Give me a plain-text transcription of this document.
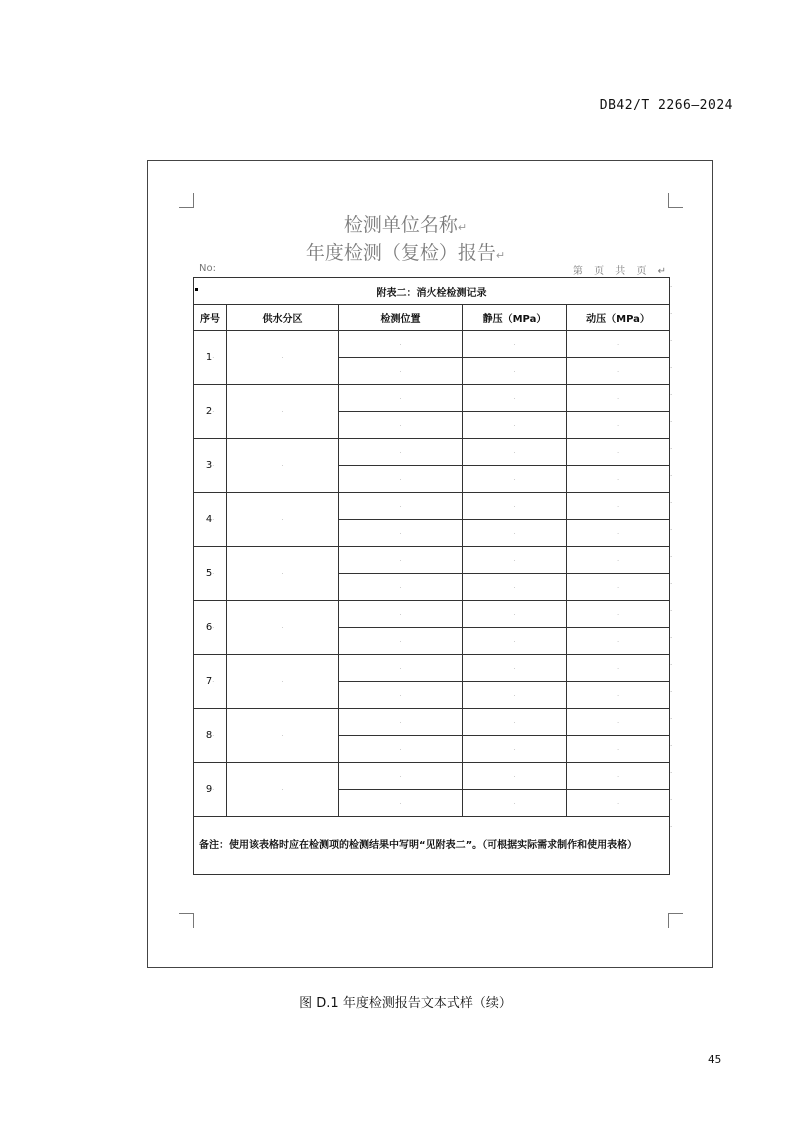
DB42/T 2266—2024
检测单位名称↵
年度检测（复检）报告↵
No:	第 页 共 页 ↵
附表二：消火栓检测记录				
序号	供水分区	检测位置	静压（MPa）	动压（MPa）
1·	·	·	·	·
		·	·	·
2·	·	·	·	·
		·	·	·
3·	·	·	·	·
		·	·	·
4·	·	·	·	·
		·	·	·
5·	·	·	·	·
		·	·	·
6·	·	·	·	·
		·	·	·
7·	·	·	·	·
		·	·	·
8·	·	·	·	·
		·	·	·
9·	·	·	·	·
		·	·	·
备注：使用该表格时应在检测项的检测结果中写明“见附表二”。（可根据实际需求制作和使用表格）				
·
·
·
·
·
·
·
·
·
·
·
·
·
·
·
·
·
·
·
·
·
图 D.1 年度检测报告文本式样（续）
45
